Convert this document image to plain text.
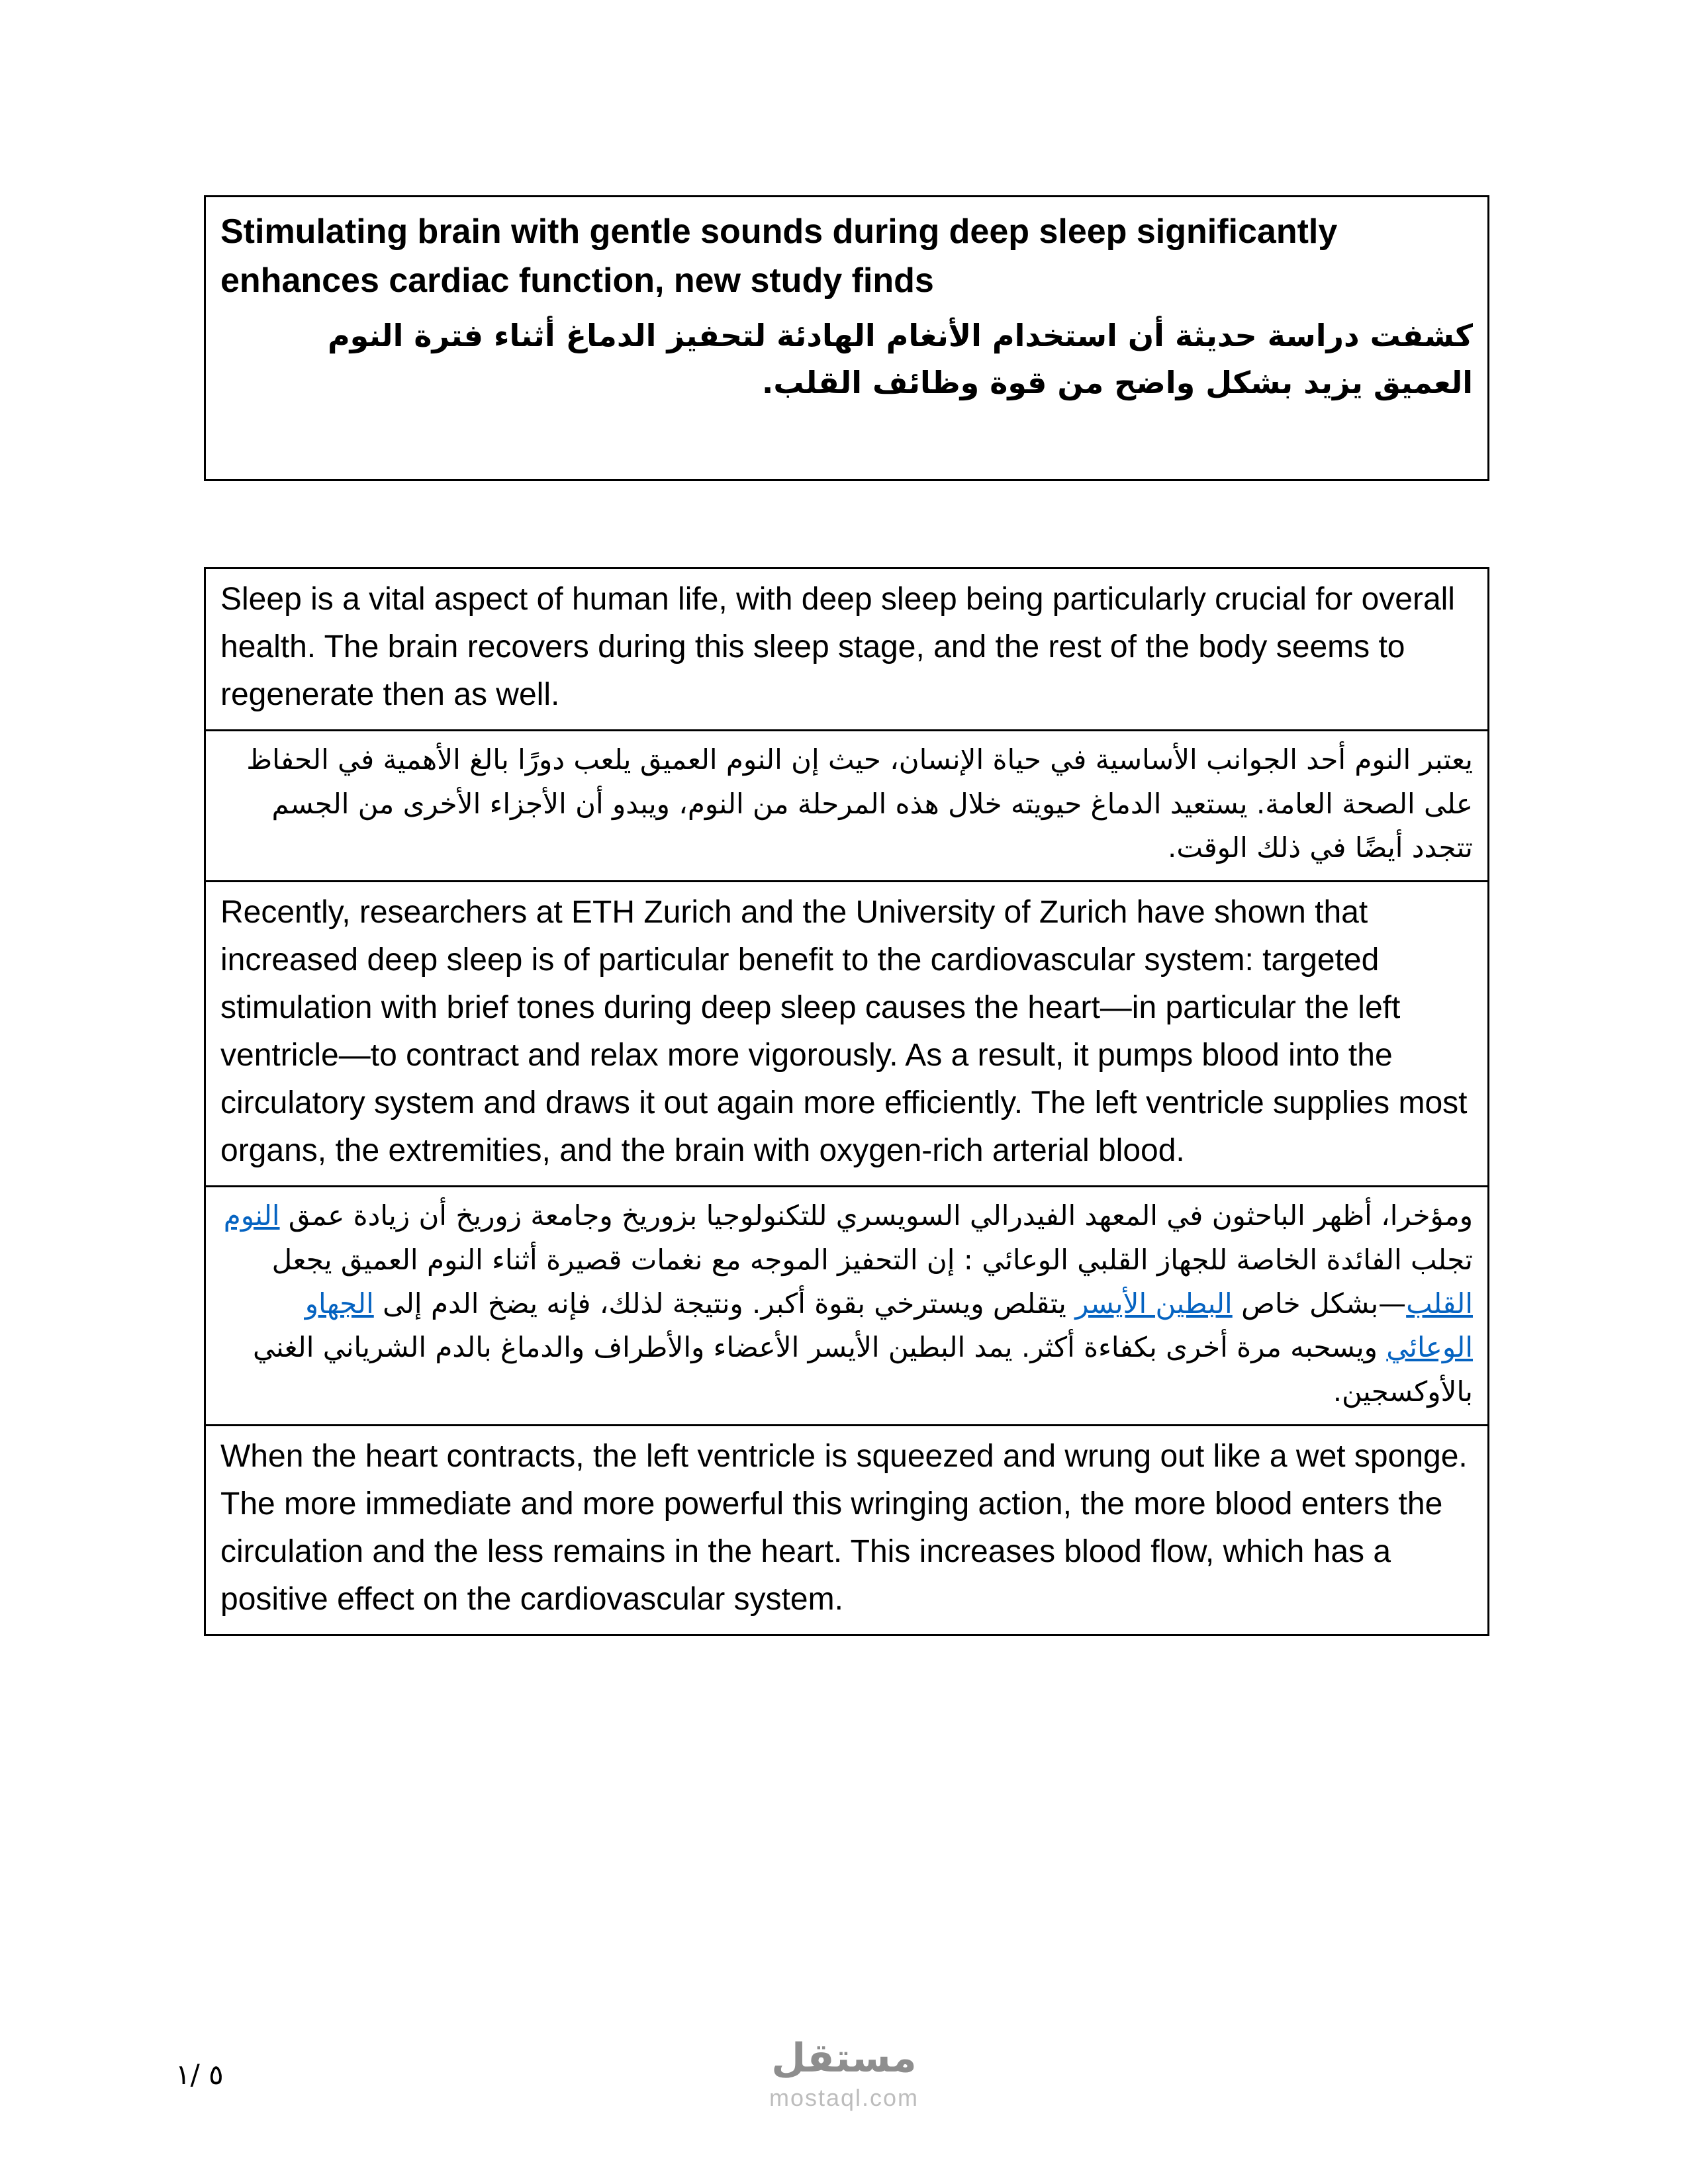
Stimulating brain with gentle sounds during deep sleep significantly enhances cardiac function, new study finds
كشفت دراسة حديثة أن استخدام الأنغام الهادئة لتحفيز الدماغ أثناء فترة النوم العميق يزيد بشكل واضح من قوة وظائف القلب.
Sleep is a vital aspect of human life, with deep sleep being particularly crucial for overall health. The brain recovers during this sleep stage, and the rest of the body seems to regenerate then as well.
يعتبر النوم أحد الجوانب الأساسية في حياة الإنسان، حيث إن النوم العميق يلعب دورًا بالغ الأهمية في الحفاظ على الصحة العامة. يستعيد الدماغ حيويته خلال هذه المرحلة من النوم، ويبدو أن الأجزاء الأخرى من الجسم تتجدد أيضًا في ذلك الوقت.
Recently, researchers at ETH Zurich and the University of Zurich have shown that increased deep sleep is of particular benefit to the cardiovascular system: targeted stimulation with brief tones during deep sleep causes the heart—in particular the left ventricle—to contract and relax more vigorously. As a result, it pumps blood into the circulatory system and draws it out again more efficiently. The left ventricle supplies most organs, the extremities, and the brain with oxygen-rich arterial blood.
ومؤخرا، أظهر الباحثون في المعهد الفيدرالي السويسري للتكنولوجيا بزوريخ وجامعة زوريخ أن زيادة عمق النوم تجلب الفائدة الخاصة للجهاز القلبي الوعائي : إن التحفيز الموجه مع نغمات قصيرة أثناء النوم العميق يجعل القلب—بشكل خاص البطين الأيسر يتقلص ويسترخي بقوة أكبر. ونتيجة لذلك، فإنه يضخ الدم إلى الجهاو الوعائي ويسحبه مرة أخرى بكفاءة أكثر. يمد البطين الأيسر الأعضاء والأطراف والدماغ بالدم الشرياني الغني بالأوكسجين.
When the heart contracts, the left ventricle is squeezed and wrung out like a wet sponge. The more immediate and more powerful this wringing action, the more blood enters the circulation and the less remains in the heart. This increases blood flow, which has a positive effect on the cardiovascular system.
٥ /١	مستقل
mostaql.com
